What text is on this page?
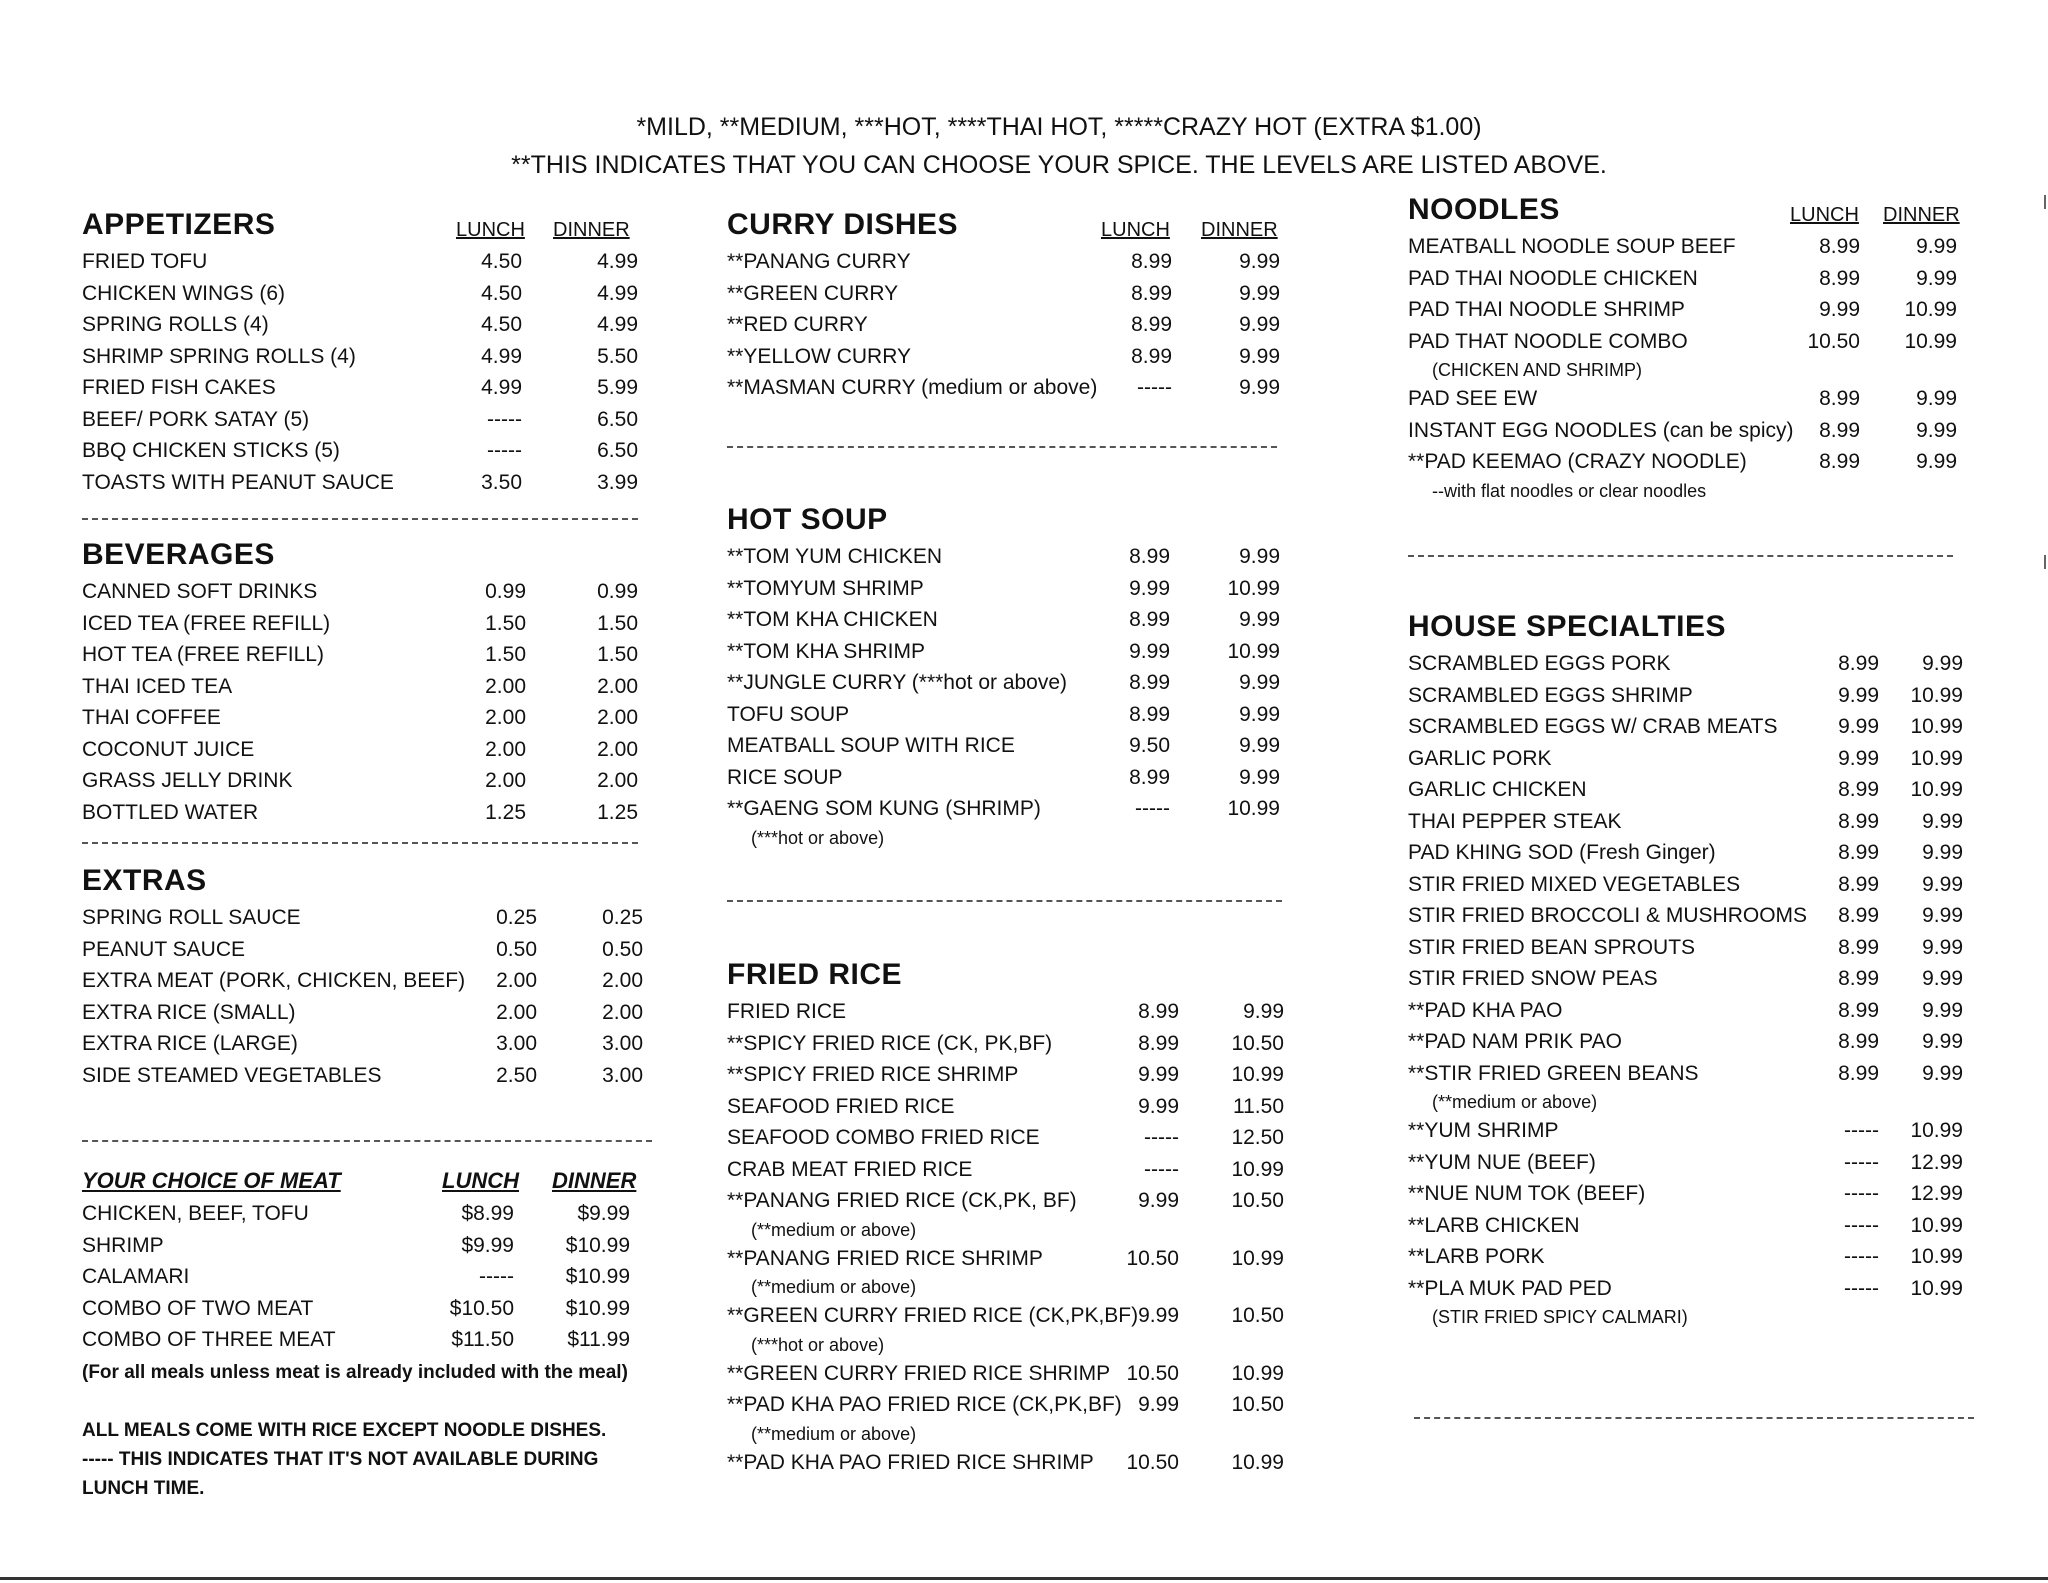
*MILD, **MEDIUM, ***HOT, ****THAI HOT, *****CRAZY HOT (EXTRA $1.00)
**THIS INDICATES THAT YOU CAN CHOOSE YOUR SPICE. THE LEVELS ARE LISTED ABOVE.
APPETIZERS	LUNCH DINNER
FRIED TOFU	4.50	4.99
CHICKEN WINGS (6)	4.50	4.99
SPRING ROLLS (4)	4.50	4.99
SHRIMP SPRING ROLLS (4)	4.99	5.50
FRIED FISH CAKES	4.99	5.99
BEEF/ PORK SATAY (5)	-----	6.50
BBQ CHICKEN STICKS (5)	-----	6.50
TOASTS WITH PEANUT SAUCE	3.50	3.99
BEVERAGES
CANNED SOFT DRINKS	0.99	0.99
ICED TEA (FREE REFILL)	1.50	1.50
HOT TEA (FREE REFILL)	1.50	1.50
THAI ICED TEA	2.00	2.00
THAI COFFEE	2.00	2.00
COCONUT JUICE	2.00	2.00
GRASS JELLY DRINK	2.00	2.00
BOTTLED WATER	1.25	1.25
EXTRAS
SPRING ROLL SAUCE	0.25	0.25
PEANUT SAUCE	0.50	0.50
EXTRA MEAT (PORK, CHICKEN, BEEF)	2.00	2.00
EXTRA RICE (SMALL)	2.00	2.00
EXTRA RICE (LARGE)	3.00	3.00
SIDE STEAMED VEGETABLES	2.50	3.00
YOUR CHOICE OF MEAT	LUNCH DINNER
CHICKEN, BEEF, TOFU	$8.99	$9.99
SHRIMP	$9.99	$10.99
CALAMARI	-----	$10.99
COMBO OF TWO MEAT	$10.50	$10.99
COMBO OF THREE MEAT	$11.50	$11.99
(For all meals unless meat is already included with the meal)
ALL MEALS COME WITH RICE EXCEPT NOODLE DISHES.
----- THIS INDICATES THAT IT'S NOT AVAILABLE DURING LUNCH TIME.
CURRY DISHES	LUNCH DINNER
**PANANG CURRY	8.99	9.99
**GREEN CURRY	8.99	9.99
**RED CURRY	8.99	9.99
**YELLOW CURRY	8.99	9.99
**MASMAN CURRY (medium or above)	-----	9.99
HOT SOUP
**TOM YUM CHICKEN	8.99	9.99
**TOMYUM SHRIMP	9.99	10.99
**TOM KHA CHICKEN	8.99	9.99
**TOM KHA SHRIMP	9.99	10.99
**JUNGLE CURRY (***hot or above)	8.99	9.99
TOFU SOUP	8.99	9.99
MEATBALL SOUP WITH RICE	9.50	9.99
RICE SOUP	8.99	9.99
**GAENG SOM KUNG (SHRIMP)	-----	10.99
(***hot or above)
FRIED RICE
FRIED RICE	8.99	9.99
**SPICY FRIED RICE (CK, PK,BF)	8.99	10.50
**SPICY FRIED RICE SHRIMP	9.99	10.99
SEAFOOD FRIED RICE	9.99	11.50
SEAFOOD COMBO FRIED RICE	-----	12.50
CRAB MEAT FRIED RICE	-----	10.99
**PANANG FRIED RICE (CK,PK, BF)	9.99	10.50
(**medium or above)
**PANANG FRIED RICE SHRIMP	10.50	10.99
(**medium or above)
**GREEN CURRY FRIED RICE (CK,PK,BF) 9.99	10.50
(***hot or above)
**GREEN CURRY FRIED RICE SHRIMP 10.50	10.99
**PAD KHA PAO FRIED RICE (CK,PK,BF) 9.99	10.50
(**medium or above)
**PAD KHA PAO FRIED RICE SHRIMP	10.50	10.99
NOODLES	LUNCH DINNER
MEATBALL NOODLE SOUP BEEF	8.99	9.99
PAD THAI NOODLE CHICKEN	8.99	9.99
PAD THAI NOODLE SHRIMP	9.99	10.99
PAD THAT NOODLE COMBO	10.50	10.99
(CHICKEN AND SHRIMP)
PAD SEE EW	8.99	9.99
INSTANT EGG NOODLES (can be spicy)	8.99	9.99
**PAD KEEMAO (CRAZY NOODLE)	8.99	9.99
--with flat noodles or clear noodles
HOUSE SPECIALTIES
SCRAMBLED EGGS PORK	8.99	9.99
SCRAMBLED EGGS SHRIMP	9.99	10.99
SCRAMBLED EGGS W/ CRAB MEATS	9.99	10.99
GARLIC PORK	9.99	10.99
GARLIC CHICKEN	8.99	10.99
THAI PEPPER STEAK	8.99	9.99
PAD KHING SOD (Fresh Ginger)	8.99	9.99
STIR FRIED MIXED VEGETABLES	8.99	9.99
STIR FRIED BROCCOLI & MUSHROOMS	8.99	9.99
STIR FRIED BEAN SPROUTS	8.99	9.99
STIR FRIED SNOW PEAS	8.99	9.99
**PAD KHA PAO	8.99	9.99
**PAD NAM PRIK PAO	8.99	9.99
**STIR FRIED GREEN BEANS	8.99	9.99
(**medium or above)
**YUM SHRIMP	-----	10.99
**YUM NUE (BEEF)	-----	12.99
**NUE NUM TOK (BEEF)	-----	12.99
**LARB CHICKEN	-----	10.99
**LARB PORK	-----	10.99
**PLA MUK PAD PED	-----	10.99
(STIR FRIED SPICY CALMARI)
